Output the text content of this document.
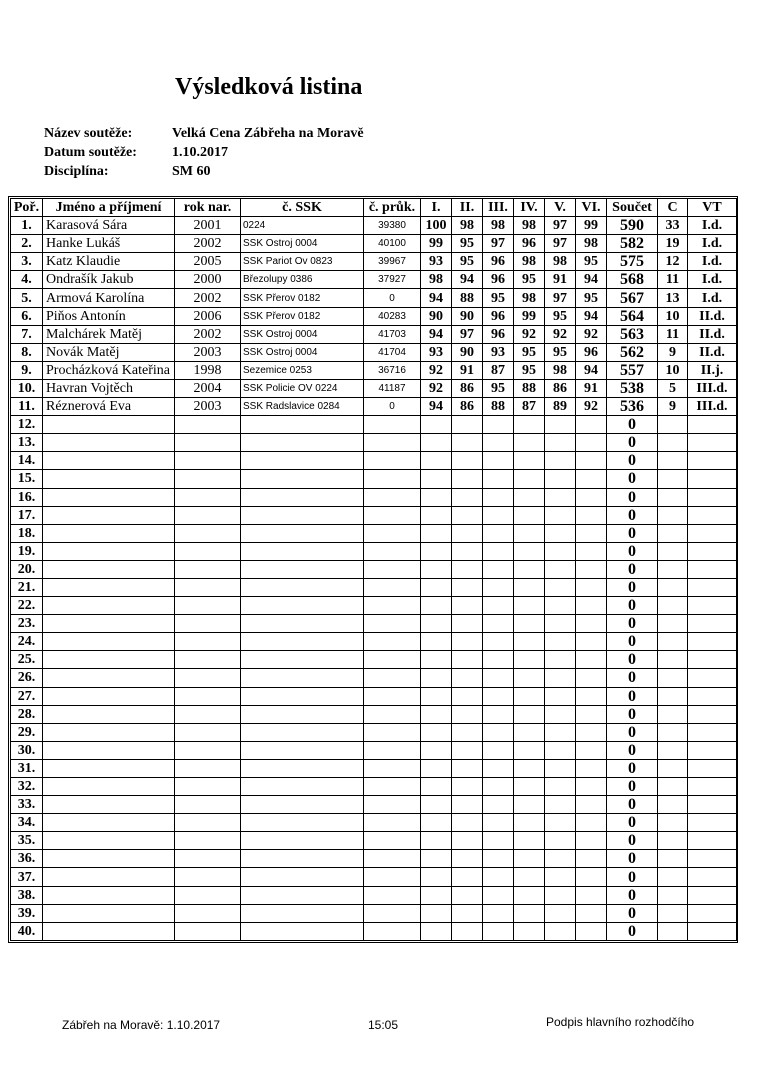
Výsledková listina
Název soutěže:	Velká Cena Zábřeha na Moravě
Datum soutěže:	1.10.2017
Disciplína:	SM 60
Poř.	Jméno a příjmení	rok nar.	č. SSK	č. průk.	I.	II.	III.	IV.	V.	VI.	Součet	C	VT
1.	Karasová Sára	2001	0224	39380	100	98	98	98	97	99	590	33	I.d.
2.	Hanke Lukáš	2002	SSK Ostroj 0004	40100	99	95	97	96	97	98	582	19	I.d.
3.	Katz Klaudie	2005	SSK Pariot Ov 0823	39967	93	95	96	98	98	95	575	12	I.d.
4.	Ondrašík Jakub	2000	Březolupy 0386	37927	98	94	96	95	91	94	568	11	I.d.
5.	Armová Karolína	2002	SSK Přerov 0182	0	94	88	95	98	97	95	567	13	I.d.
6.	Piňos Antonín	2006	SSK Přerov 0182	40283	90	90	96	99	95	94	564	10	II.d.
7.	Malchárek Matěj	2002	SSK Ostroj 0004	41703	94	97	96	92	92	92	563	11	II.d.
8.	Novák Matěj	2003	SSK Ostroj 0004	41704	93	90	93	95	95	96	562	9	II.d.
9.	Procházková Kateřina	1998	Sezemice 0253	36716	92	91	87	95	98	94	557	10	II.j.
10.	Havran Vojtěch	2004	SSK Policie OV 0224	41187	92	86	95	88	86	91	538	5	III.d.
11.	Réznerová Eva	2003	SSK Radslavice 0284	0	94	86	88	87	89	92	536	9	III.d.
12.											0		
13.											0		
14.											0		
15.											0		
16.											0		
17.											0		
18.											0		
19.											0		
20.											0		
21.											0		
22.											0		
23.											0		
24.											0		
25.											0		
26.											0		
27.											0		
28.											0		
29.											0		
30.											0		
31.											0		
32.											0		
33.											0		
34.											0		
35.											0		
36.											0		
37.											0		
38.											0		
39.											0		
40.											0		
Zábřeh na Moravě: 1.10.2017	15:05	Podpis hlavního rozhodčího
